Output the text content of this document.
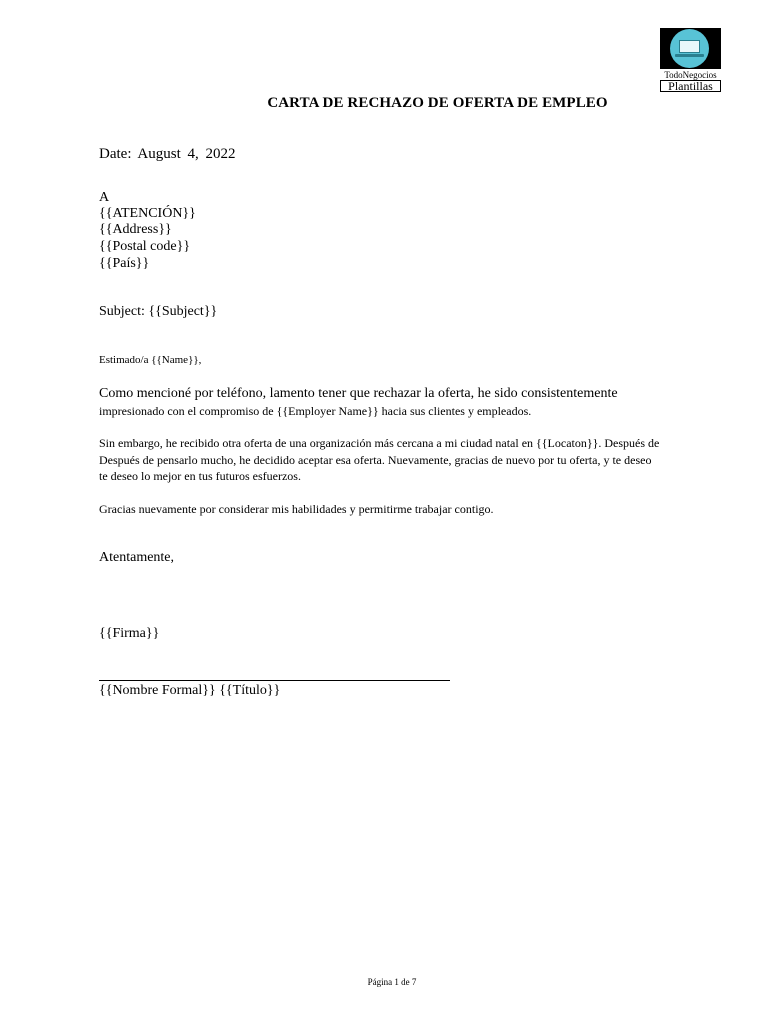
TodoNegocios
Plantillas
CARTA DE RECHAZO DE OFERTA DE EMPLEO
Date: August 4, 2022
A
{{ATENCIÓN}}
{{Address}}
{{Postal code}}
{{País}}
Subject: {{Subject}}
Estimado/a {{Name}},
Como mencioné por teléfono, lamento tener que rechazar la oferta, he sido consistentemente
impresionado con el compromiso de {{Employer Name}} hacia sus clientes y empleados.
Sin embargo, he recibido otra oferta de una organización más cercana a mi ciudad natal en {{Locaton}}. Después de
Después de pensarlo mucho, he decidido aceptar esa oferta. Nuevamente, gracias de nuevo por tu oferta, y te deseo
te deseo lo mejor en tus futuros esfuerzos.
Gracias nuevamente por considerar mis habilidades y permitirme trabajar contigo.
Atentamente,
{{Firma}}
{{Nombre Formal}} {{Título}}
Página 1 de 7
